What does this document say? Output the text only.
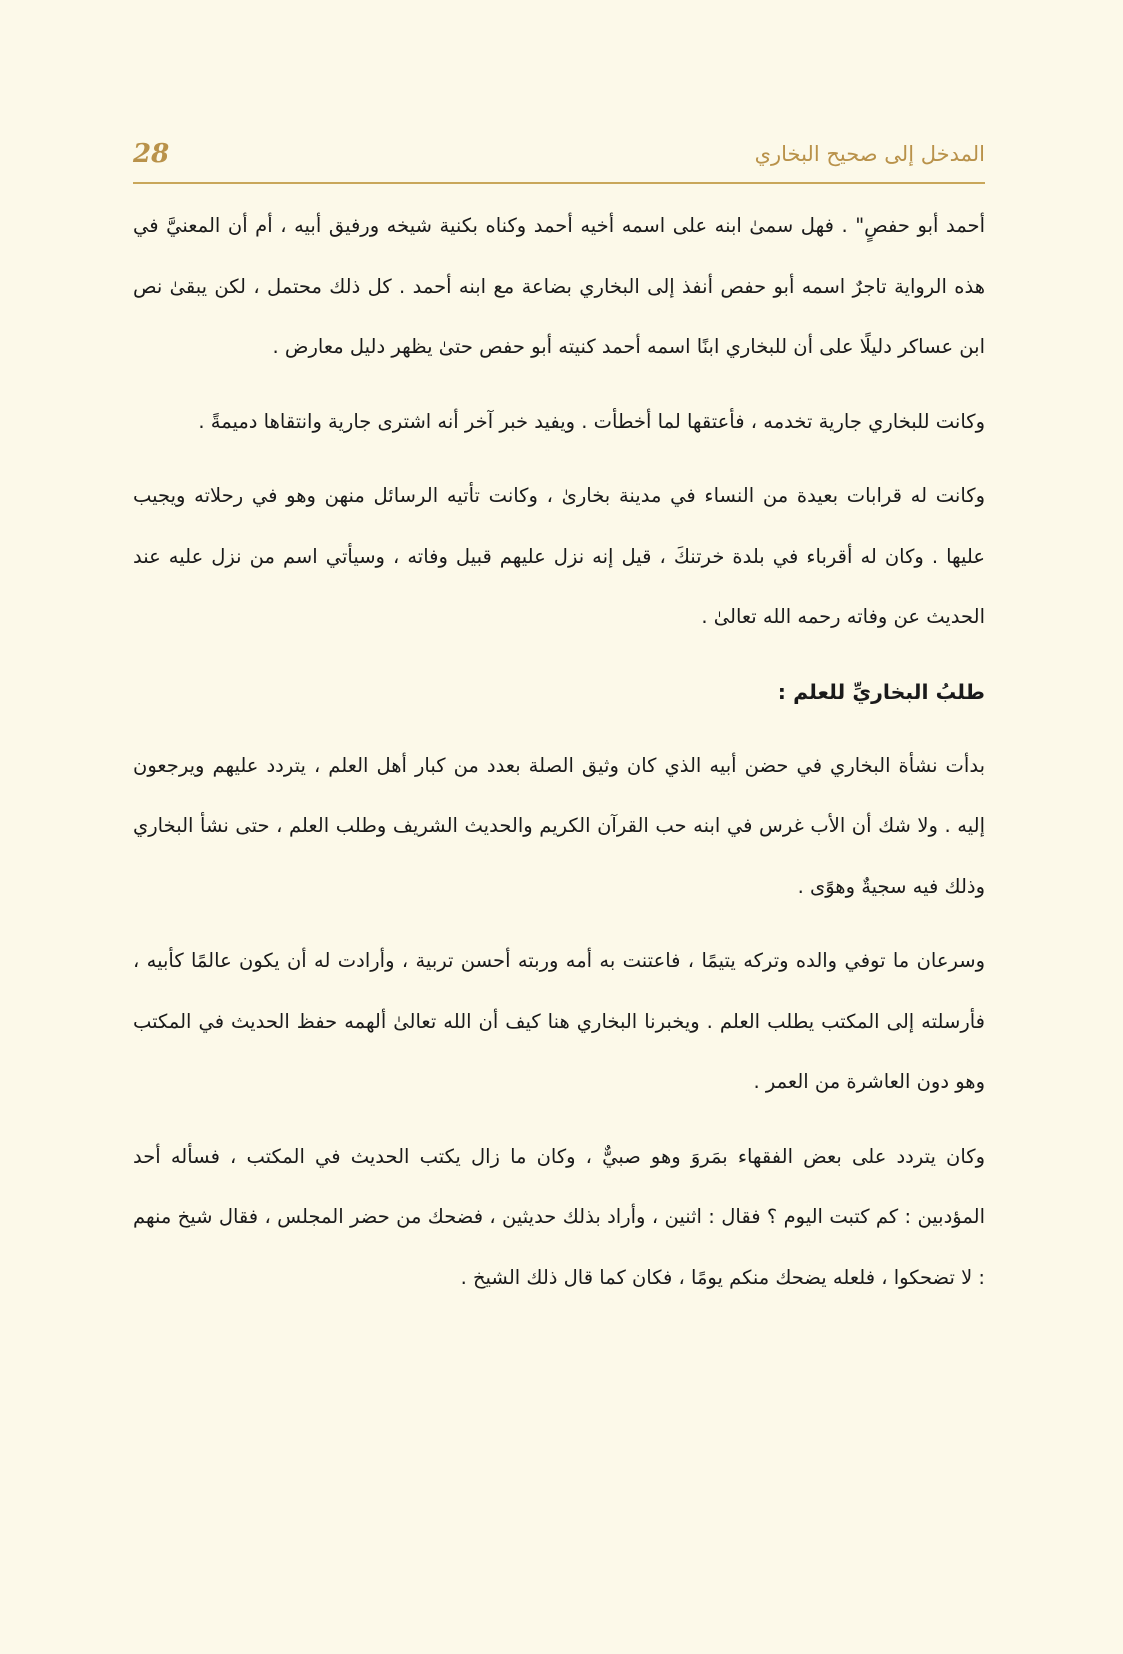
28	المدخل إلى صحيح البخاري

أحمد أبو حفصٍ" . فهل سمىٰ ابنه على اسمه أخيه أحمد وكناه بكنية شيخه ورفيق أبيه ، أم أن المعنيَّ في هذه الرواية تاجرٌ اسمه أبو حفص أنفذ إلى البخاري بضاعة مع ابنه أحمد . كل ذلك محتمل ، لكن يبقىٰ نص ابن عساكر دليلًا على أن للبخاري ابنًا اسمه أحمد كنيته أبو حفص حتىٰ يظهر دليل معارض .

وكانت للبخاري جارية تخدمه ، فأعتقها لما أخطأت . ويفيد خبر آخر أنه اشترى جارية وانتقاها دميمةً .

وكانت له قرابات بعيدة من النساء في مدينة بخارىٰ ، وكانت تأتيه الرسائل منهن وهو في رحلاته ويجيب عليها . وكان له أقرباء في بلدة خرتنكَ ، قيل إنه نزل عليهم قبيل وفاته ، وسيأتي اسم من نزل عليه عند الحديث عن وفاته رحمه الله تعالىٰ .

طلبُ البخاريِّ للعلم :

بدأت نشأة البخاري في حضن أبيه الذي كان وثيق الصلة بعدد من كبار أهل العلم ، يتردد عليهم ويرجعون إليه . ولا شك أن الأب غرس في ابنه حب القرآن الكريم والحديث الشريف وطلب العلم ، حتى نشأ البخاري وذلك فيه سجيةٌ وهوًى .

وسرعان ما توفي والده وتركه يتيمًا ، فاعتنت به أمه وربته أحسن تربية ، وأرادت له أن يكون عالمًا كأبيه ، فأرسلته إلى المكتب يطلب العلم . ويخبرنا البخاري هنا كيف أن الله تعالىٰ ألهمه حفظ الحديث في المكتب وهو دون العاشرة من العمر .

وكان يتردد على بعض الفقهاء بمَروَ وهو صبيٌّ ، وكان ما زال يكتب الحديث في المكتب ، فسأله أحد المؤدبين : كم كتبت اليوم ؟ فقال : اثنين ، وأراد بذلك حديثين ، فضحك من حضر المجلس ، فقال شيخ منهم : لا تضحكوا ، فلعله يضحك منكم يومًا ، فكان كما قال ذلك الشيخ .
